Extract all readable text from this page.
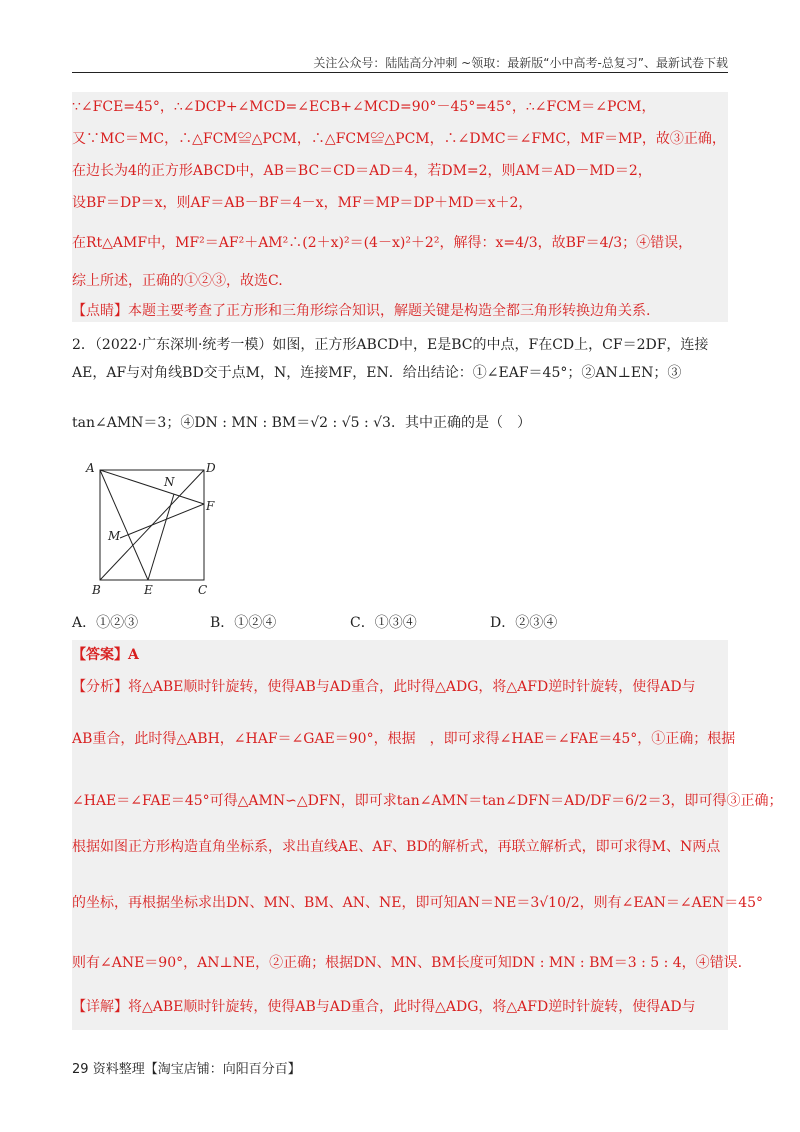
关注公众号：陆陆高分冲刺 ~领取：最新版“小中高考-总复习”、最新试卷下载
∵∠FCE=45°，∴∠DCP+∠MCD=∠ECB+∠MCD=90°－45°=45°，∴∠FCM＝∠PCM，
又∵MC＝MC，∴△FCM≌△PCM，∴△FCM≌△PCM，∴∠DMC＝∠FMC，MF＝MP，故③正确，
在边长为4的正方形ABCD中，AB＝BC＝CD＝AD＝4，若DM=2，则AM＝AD－MD＝2，
设BF＝DP＝x，则AF＝AB－BF＝4－x，MF＝MP＝DP＋MD＝x＋2，
在Rt△AMF中，MF²＝AF²＋AM²∴(2＋x)²＝(4－x)²＋2²，解得：x=4/3，故BF＝4/3；④错误，
综上所述，正确的①②③，故选C.
【点睛】本题主要考查了正方形和三角形综合知识，解题关键是构造全都三角形转换边角关系.
2．（2022·广东深圳·统考一模）如图，正方形ABCD中，E是BC的中点，F在CD上，CF＝2DF，连接
AE，AF与对角线BD交于点M，N，连接MF，EN．给出结论：①∠EAF＝45°；②AN⊥EN；③
tan∠AMN＝3；④DN : MN : BM＝√2 : √5 : √3．其中正确的是（　）
A	D
N
F
M
B	E	C
A．①②③	B．①②④	C．①③④	D．②③④
【答案】A
【分析】将△ABE顺时针旋转，使得AB与AD重合，此时得△ADG，将△AFD逆时针旋转，使得AD与
AB重合，此时得△ABH，∠HAF＝∠GAE＝90°，根据　，即可求得∠HAE＝∠FAE＝45°，①正确；根据
∠HAE＝∠FAE＝45°可得△AMN∽△DFN，即可求tan∠AMN＝tan∠DFN＝AD/DF＝6/2＝3，即可得③正确；
根据如图正方形构造直角坐标系，求出直线AE、AF、BD的解析式，再联立解析式，即可求得M、N两点
的坐标，再根据坐标求出DN、MN、BM、AN、NE，即可知AN＝NE＝3√10/2，则有∠EAN＝∠AEN＝45°
则有∠ANE＝90°，AN⊥NE，②正确；根据DN、MN、BM长度可知DN : MN : BM＝3 : 5 : 4，④错误.
【详解】将△ABE顺时针旋转，使得AB与AD重合，此时得△ADG，将△AFD逆时针旋转，使得AD与
29 资料整理【淘宝店铺：向阳百分百】
